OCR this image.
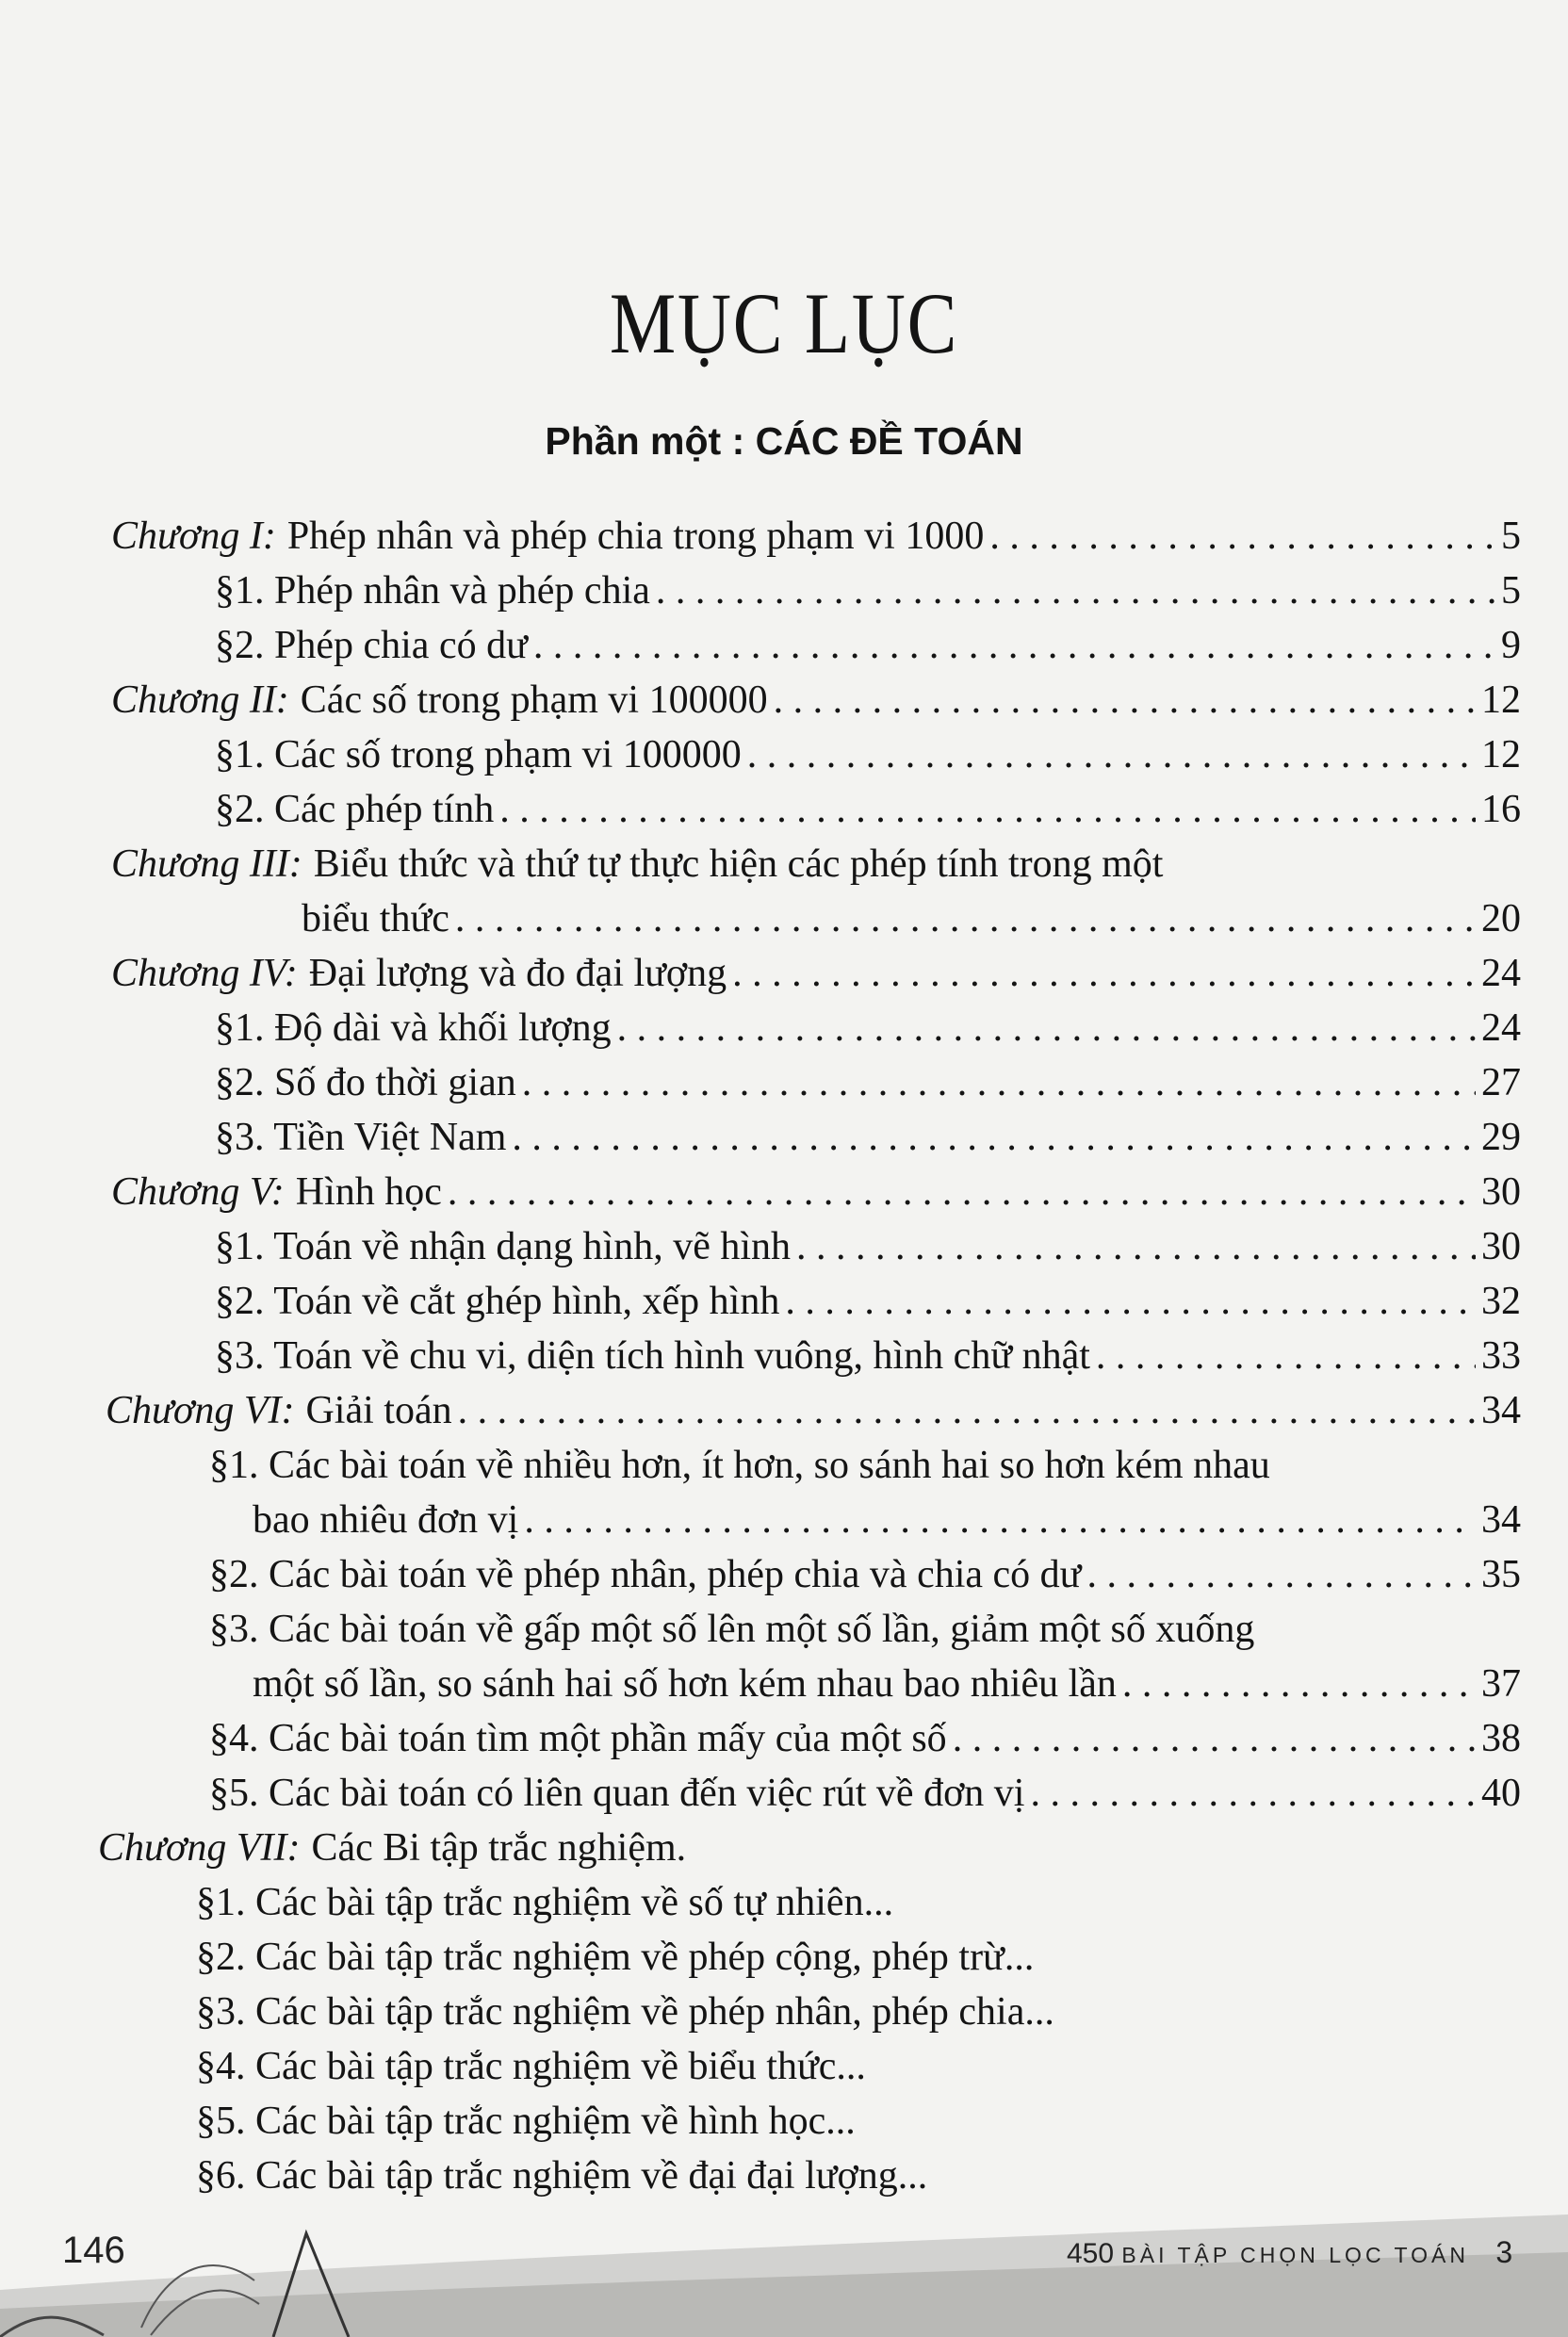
MỤC LỤC
Phần một : CÁC ĐỀ TOÁN
Chương I: Phép nhân và phép chia trong phạm vi 1000 . . .	5
§1. Phép nhân và phép chia . . .	5
§2. Phép chia có dư . . .	9
Chương II: Các số trong phạm vi 100000 . . .	12
§1. Các số trong phạm vi 100000 . . .	12
§2. Các phép tính . . .	16
Chương III: Biểu thức và thứ tự thực hiện các phép tính trong một
biểu thức . . .	20
Chương IV: Đại lượng và đo đại lượng . . .	24
§1. Độ dài và khối lượng . . .	24
§2. Số đo thời gian . . .	27
§3. Tiền Việt Nam . . .	29
Chương V: Hình học . . .	30
§1. Toán về nhận dạng hình, vẽ hình . . .	30
§2. Toán về cắt ghép hình, xếp hình . . .	32
§3. Toán về chu vi, diện tích hình vuông, hình chữ nhật . . .	33
Chương VI: Giải toán . . .	34
§1. Các bài toán về nhiều hơn, ít hơn, so sánh hai so hơn kém nhau
bao nhiêu đơn vị . . .	34
§2. Các bài toán về phép nhân, phép chia và chia có dư . . .	35
§3. Các bài toán về gấp một số lên một số lần, giảm một số xuống
một số lần, so sánh hai số hơn kém nhau bao nhiêu lần . . .	37
§4. Các bài toán tìm một phần mấy của một số . . .	38
§5. Các bài toán có liên quan đến việc rút về đơn vị . . .	40
Chương VII: Các Bi tập trắc nghiệm.
§1. Các bài tập trắc nghiệm về số tự nhiên...
§2. Các bài tập trắc nghiệm về phép cộng, phép trừ...
§3. Các bài tập trắc nghiệm về phép nhân, phép chia...
§4. Các bài tập trắc nghiệm về biểu thức...
§5. Các bài tập trắc nghiệm về hình học...
§6. Các bài tập trắc nghiệm về đại đại lượng...
146	450 BÀI TẬP CHỌN LỌC TOÁN 3
